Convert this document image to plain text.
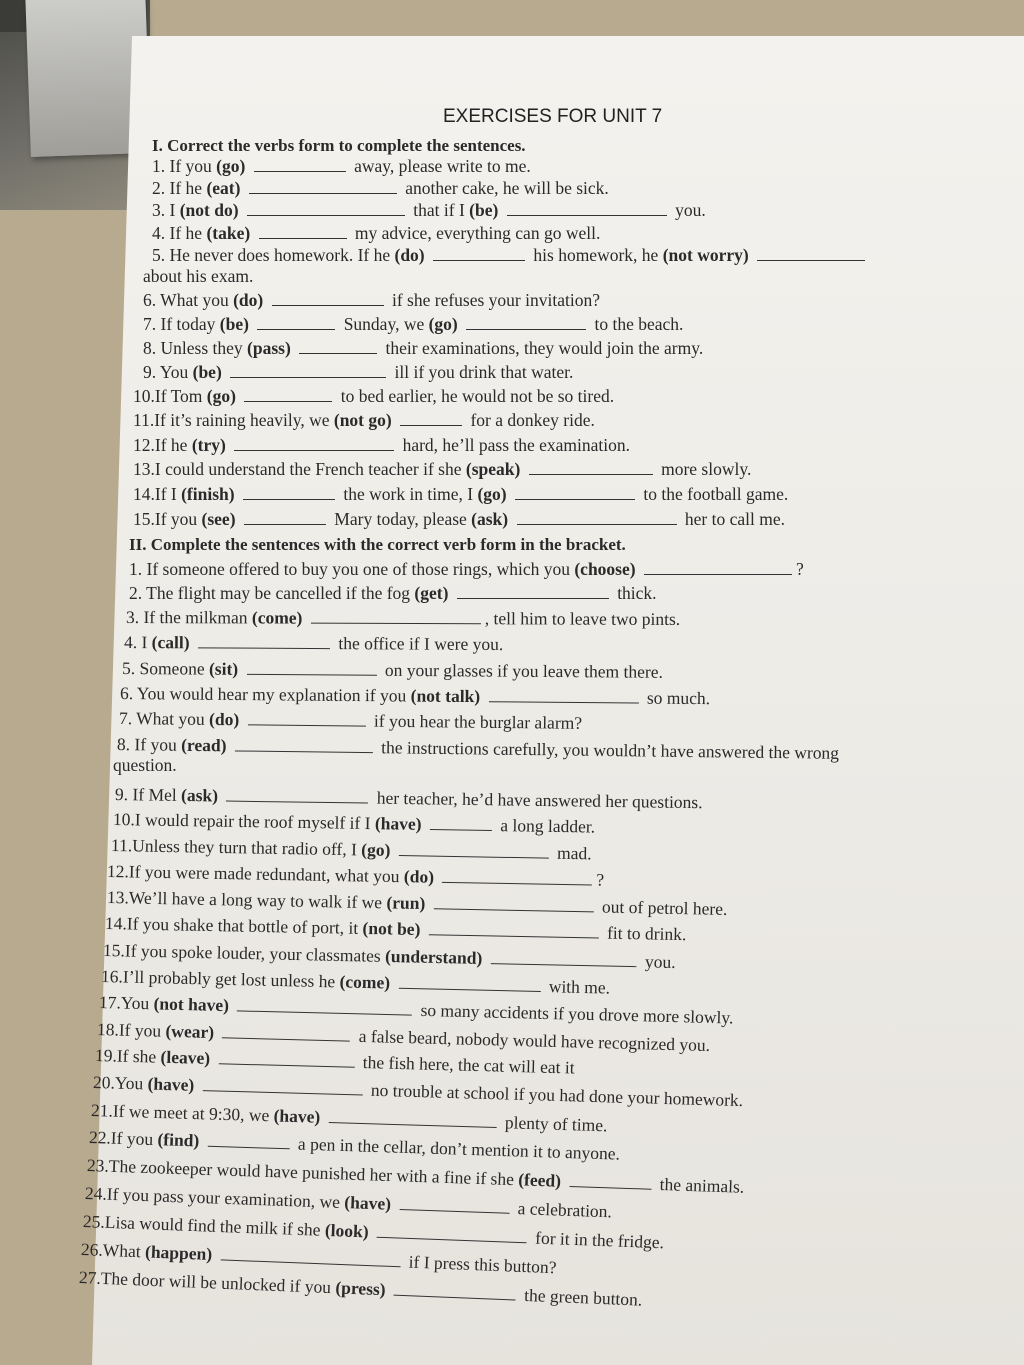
EXERCISES FOR UNIT 7
I. Correct the verbs form to complete the sentences.
II. Complete the sentences with the correct verb form in the bracket.
1. If you (go)	away, please write to me.
2. If he (eat)	another cake, he will be sick.
3. I (not do)	that if I (be)	you.
4. If he (take)	my advice, everything can go well.
5. He never does homework. If he (do)	his homework, he (not worry)
about his exam.
6. What you (do)	if she refuses your invitation?
7. If today (be)	Sunday, we (go)	to the beach.
8. Unless they (pass)	their examinations, they would join the army.
9. You (be)	ill if you drink that water.
10.If Tom (go)	to bed earlier, he would not be so tired.
11.If it’s raining heavily, we (not go)	for a donkey ride.
12.If he (try)	hard, he’ll pass the examination.
13.I could understand the French teacher if she (speak)	more slowly.
14.If I (finish)	the work in time, I (go)	to the football game.
15.If you (see)	Mary today, please (ask)	her to call me.
1. If someone offered to buy you one of those rings, which you (choose)	?
2. The flight may be cancelled if the fog (get)	thick.
3. If the milkman (come)	, tell him to leave two pints.
4. I (call)	the office if I were you.
5. Someone (sit)	on your glasses if you leave them there.
6. You would hear my explanation if you (not talk)	so much.
7. What you (do)	if you hear the burglar alarm?
8. If you (read)	the instructions carefully, you wouldn’t have answered the wrong
question.
9. If Mel (ask)	her teacher, he’d have answered her questions.
10.I would repair the roof myself if I (have)	a long ladder.
11.Unless they turn that radio off, I (go)	mad.
12.If you were made redundant, what you (do)	?
13.We’ll have a long way to walk if we (run)	out of petrol here.
14.If you shake that bottle of port, it (not be)	fit to drink.
15.If you spoke louder, your classmates (understand)	you.
16.I’ll probably get lost unless he (come)	with me.
17.You (not have)	so many accidents if you drove more slowly.
18.If you (wear)	a false beard, nobody would have recognized you.
19.If she (leave)	the fish here, the cat will eat it
20.You (have)	no trouble at school if you had done your homework.
21.If we meet at 9:30, we (have)	plenty of time.
22.If you (find)	a pen in the cellar, don’t mention it to anyone.
23.The zookeeper would have punished her with a fine if she (feed)	the animals.
24.If you pass your examination, we (have)	a celebration.
25.Lisa would find the milk if she (look)	for it in the fridge.
26.What (happen)	if I press this button?
27.The door will be unlocked if you (press)	the green button.
